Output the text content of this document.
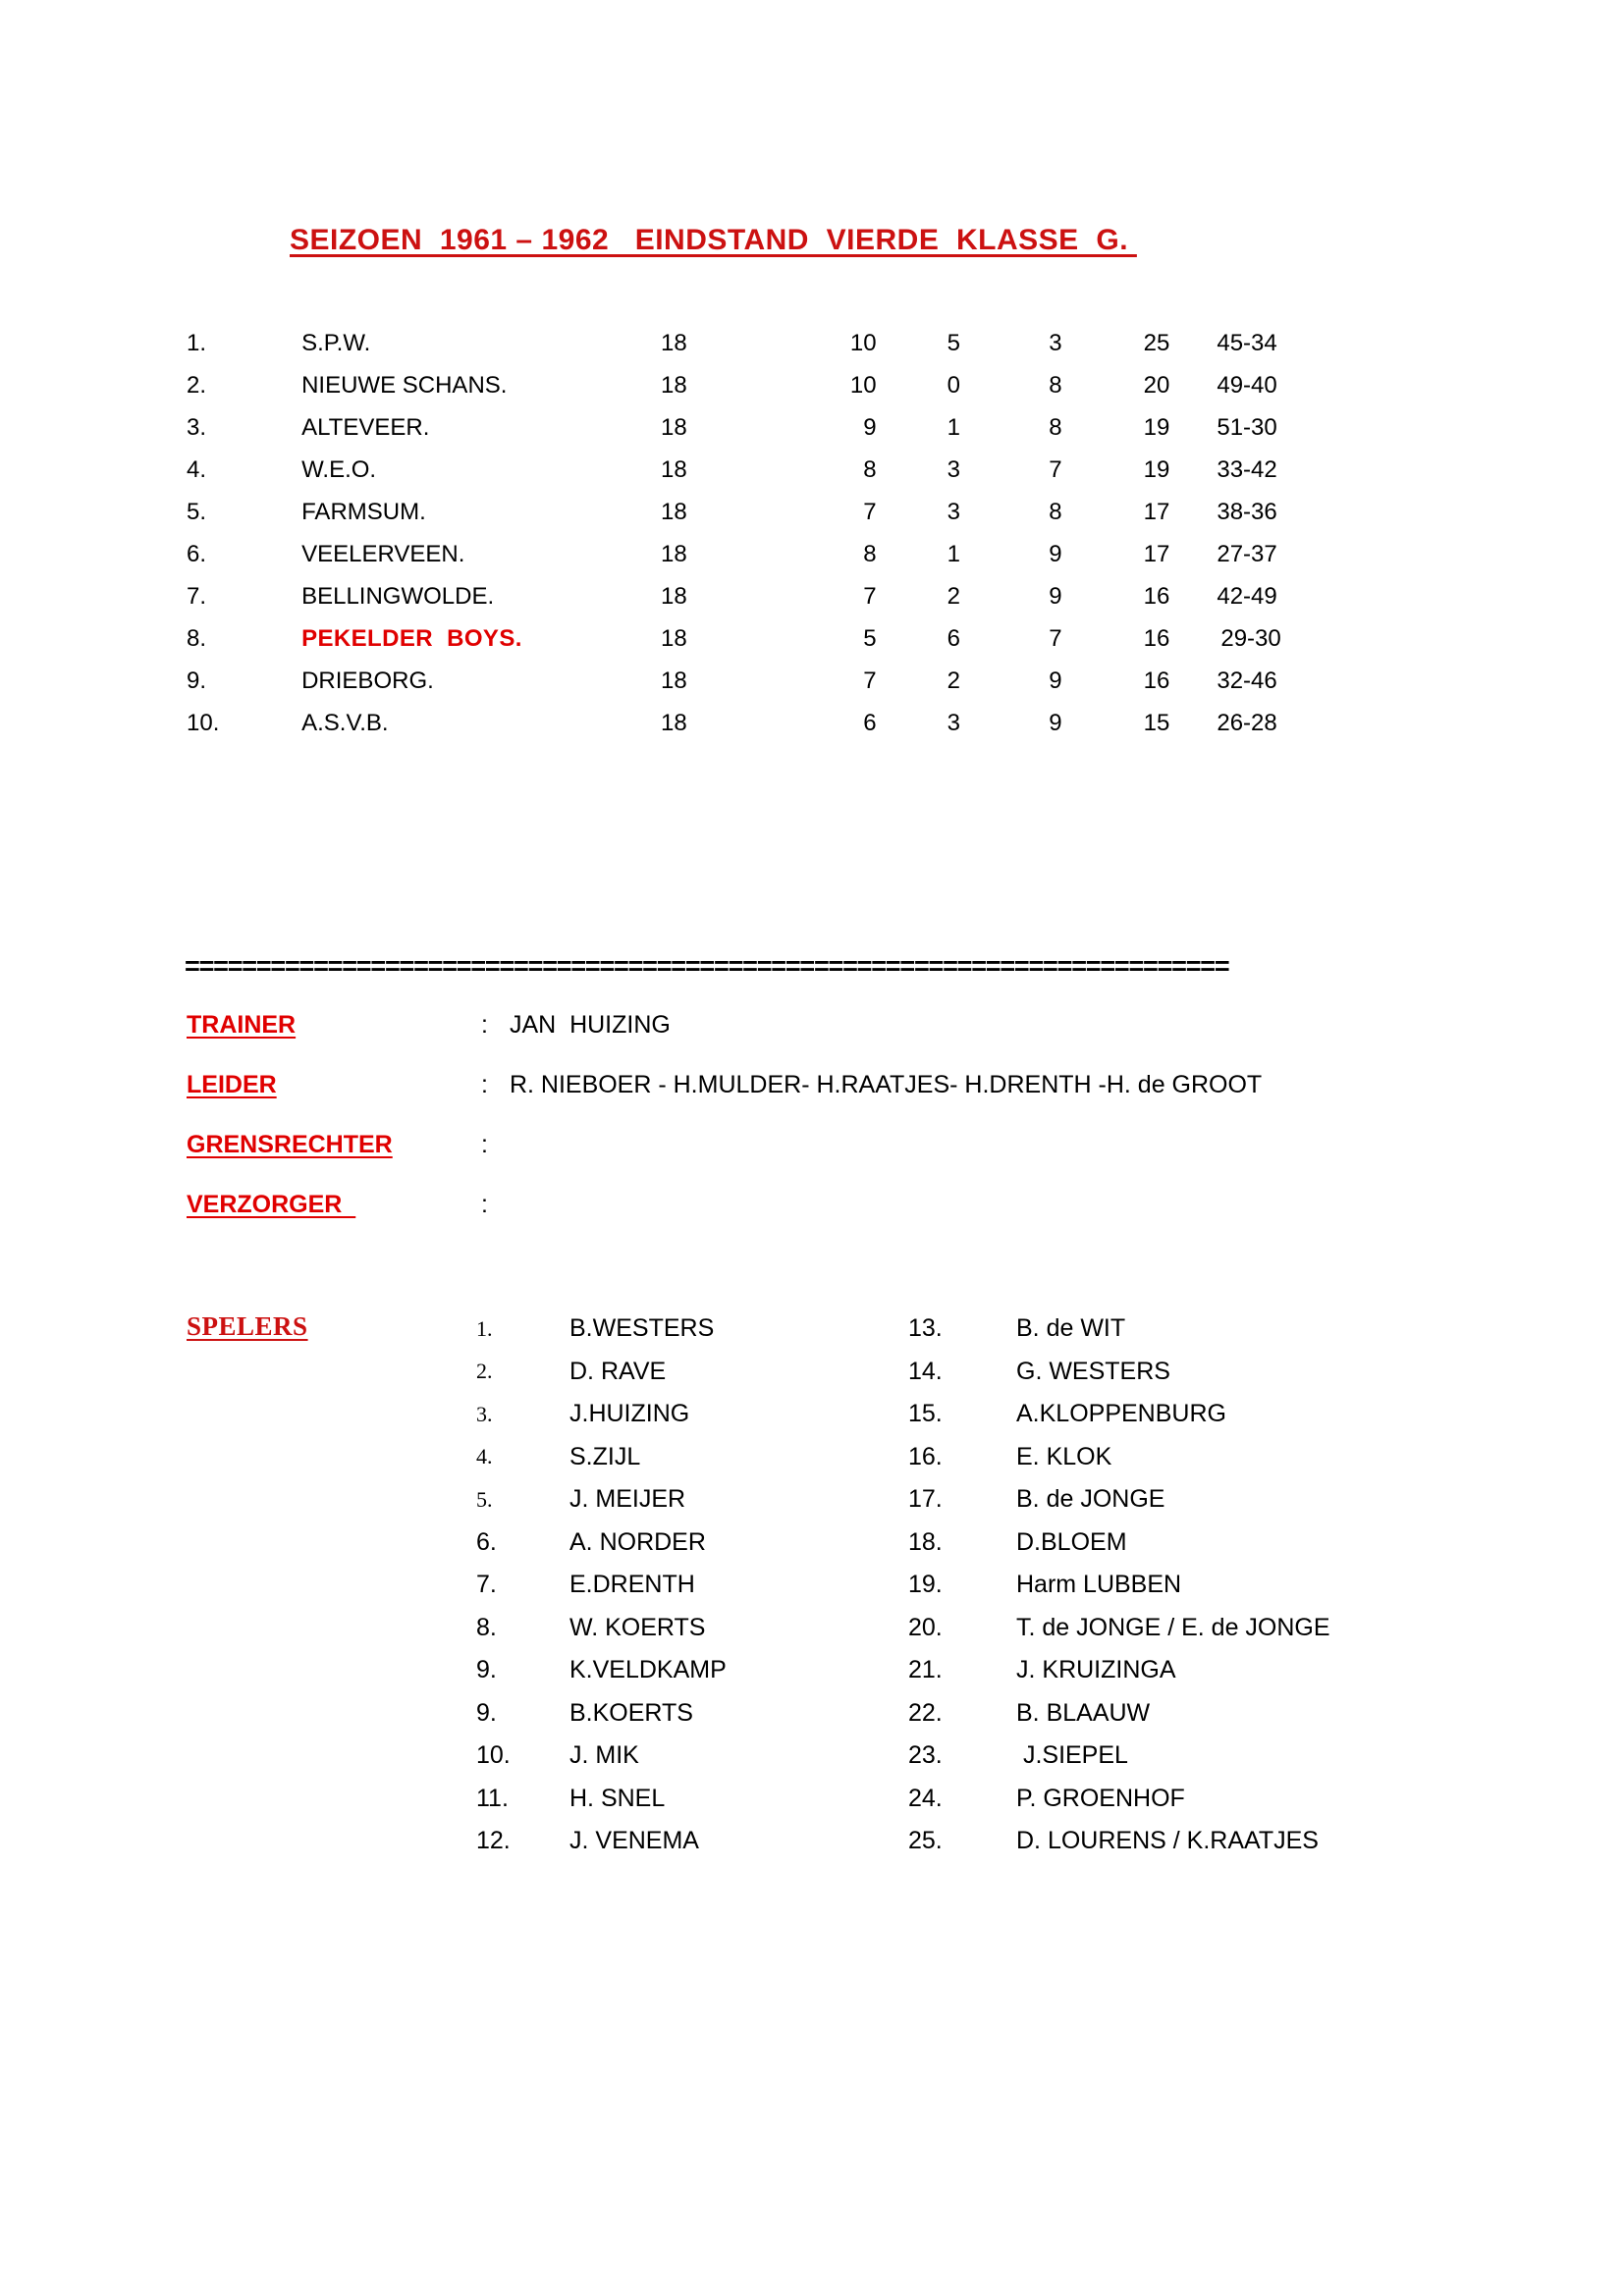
SEIZOEN  1961 – 1962   EINDSTAND  VIERDE  KLASSE  G.
1.	S.P.W.	18	10	5	3	25	45-34
2.	NIEUWE SCHANS.	18	10	0	8	20	49-40
3.	ALTEVEER.	18	9	1	8	19	51-30
4.	W.E.O.	18	8	3	7	19	33-42
5.	FARMSUM.	18	7	3	8	17	38-36
6.	VEELERVEEN.	18	8	1	9	17	27-37
7.	BELLINGWOLDE.	18	7	2	9	16	42-49
8.	PEKELDER  BOYS.	18	5	6	7	16	29-30
9.	DRIEBORG.	18	7	2	9	16	32-46
10.	A.S.V.B.	18	6	3	9	15	26-28
=========================================================================
TRAINER	: JAN  HUIZING
LEIDER	: R. NIEBOER - H.MULDER- H.RAATJES- H.DRENTH -H. de GROOT
GRENSRECHTER	:
VERZORGER	:
SPELERS	1.	B.WESTERS	13.	B. de WIT
2.	D. RAVE	14.	G. WESTERS
3.	J.HUIZING	15.	A.KLOPPENBURG
4.	S.ZIJL	16.	E. KLOK
5.	J. MEIJER	17.	B. de JONGE
6.	A. NORDER	18.	D.BLOEM
7.	E.DRENTH	19.	Harm LUBBEN
8.	W. KOERTS	20.	T. de JONGE / E. de JONGE
9.	K.VELDKAMP	21.	J. KRUIZINGA
9.	B.KOERTS	22.	B. BLAAUW
10.	J. MIK	23.	J.SIEPEL
11.	H. SNEL	24.	P. GROENHOF
12.	J. VENEMA	25.	D. LOURENS / K.RAATJES
